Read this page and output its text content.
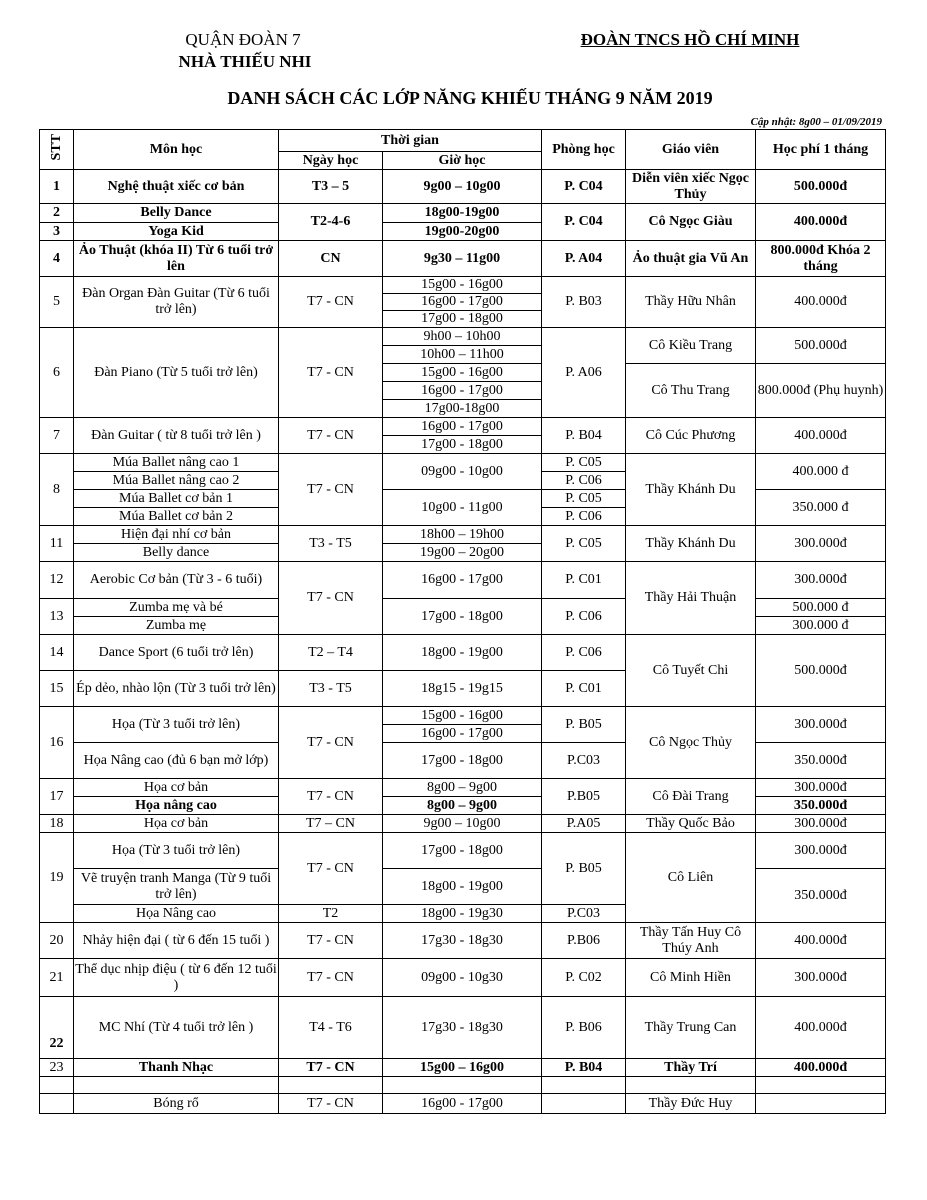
QUẬN ĐOÀN 7
NHÀ THIẾU NHI
ĐOÀN TNCS HỒ CHÍ MINH
DANH SÁCH CÁC LỚP NĂNG KHIẾU THÁNG 9 NĂM 2019
Cập nhật: 8g00 – 01/09/2019
STT	Môn học	Thời gian		Phòng học	Giáo viên	Học phí 1 tháng
		Ngày học	Giờ học			
1	Nghệ thuật xiếc cơ bản	T3 – 5	9g00 – 10g00	P. C04	Diễn viên xiếc Ngọc Thủy	500.000đ
2	Belly Dance	T2-4-6	18g00-19g00	P. C04	Cô Ngọc Giàu	400.000đ
3	Yoga Kid		19g00-20g00			
4	Ảo Thuật (khóa II) Từ 6 tuổi trở lên	CN	9g30 – 11g00	P. A04	Ảo thuật gia Vũ An	800.000đ Khóa 2 tháng
5	Đàn Organ Đàn Guitar (Từ 6 tuổi trở lên)	T7 - CN	15g00 - 16g00	P. B03	Thầy Hữu Nhân	400.000đ
			16g00 - 17g00			
			17g00 - 18g00			
6	Đàn Piano (Từ 5 tuổi trở lên)	T7 - CN	9h00 – 10h00	P. A06	Cô Kiều Trang	500.000đ
			10h00 – 11h00			
			15g00 - 16g00		Cô Thu Trang	800.000đ (Phụ huynh)
			16g00 - 17g00			
			17g00-18g00			
7	Đàn Guitar ( từ 8 tuổi trở lên )	T7 - CN	16g00 - 17g00	P. B04	Cô Cúc Phương	400.000đ
			17g00 - 18g00			
8	Múa Ballet nâng cao 1	T7 - CN	09g00 - 10g00	P. C05	Thầy Khánh Du	400.000 đ
	Múa Ballet nâng cao 2			P. C06		
	Múa Ballet cơ bản 1		10g00 - 11g00	P. C05		350.000 đ
	Múa Ballet cơ bản 2			P. C06		
11	Hiện đại nhí cơ bản	T3 - T5	18h00 – 19h00	P. C05	Thầy Khánh Du	300.000đ
	Belly dance		19g00 – 20g00			
12	Aerobic Cơ bản (Từ 3 - 6 tuổi)	T7 - CN	16g00 - 17g00	P. C01	Thầy Hải Thuận	300.000đ
13	Zumba mẹ và bé		17g00 - 18g00	P. C06		500.000 đ
	Zumba mẹ					300.000 đ
14	Dance Sport (6 tuổi trở lên)	T2 – T4	18g00 - 19g00	P. C06	Cô Tuyết Chi	500.000đ
15	Ép dẻo, nhào lộn (Từ 3 tuổi trở lên)	T3 - T5	18g15 - 19g15	P. C01		
16	Họa (Từ 3 tuổi trở lên)	T7 - CN	15g00 - 16g00	P. B05	Cô Ngọc Thủy	300.000đ
			16g00 - 17g00			
	Họa Nâng cao (đủ 6 bạn mở lớp)		17g00 - 18g00	P.C03		350.000đ

17	Họa cơ bản	T7 - CN	8g00 – 9g00	P.B05	Cô Đài Trang	300.000đ
	Họa nâng cao		8g00 – 9g00			350.000đ
18	Họa cơ bản	T7 – CN	9g00 – 10g00	P.A05	Thầy Quốc Bảo	300.000đ
19	Họa (Từ 3 tuổi trở lên)	T7 - CN	17g00 - 18g00	P. B05	Cô Liên	300.000đ
	Vẽ truyện tranh Manga (Từ 9 tuổi trở lên)		18g00 - 19g00			350.000đ
	Họa Nâng cao	T2	18g00 - 19g30	P.C03		
20	Nhảy hiện đại ( từ 6 đến 15 tuổi )	T7 - CN	17g30 - 18g30	P.B06	Thầy Tấn Huy Cô Thúy Anh	400.000đ
21	Thể dục nhịp điệu ( từ 6 đến 12 tuổi )	T7 - CN	09g00 - 10g30	P. C02	Cô Minh Hiền	300.000đ
22	MC Nhí (Từ 4 tuổi trở lên )	T4 - T6	17g30 - 18g30	P. B06	Thầy Trung Can	400.000đ
23	Thanh Nhạc	T7 - CN	15g00 – 16g00	P. B04	Thầy Trí	400.000đ

	Bóng rổ	T7 - CN	16g00 - 17g00		Thầy Đức Huy	
